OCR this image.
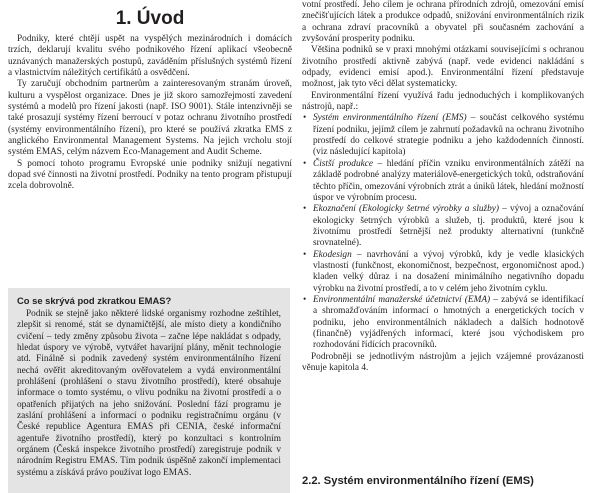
1. Úvod

Podniky, které chtějí uspět na vyspělých mezinárodních i domácích trzích, deklarují kvalitu svého podnikového řízení aplikací všeobecně uznávaných manažerských postupů, zaváděním příslušných systémů řízení a vlastnictvím náležitých certifikátů a osvědčení.

Ty zaručují obchodním partnerům a zainteresovaným stranám úroveň, kulturu a vyspělost organizace. Dnes je již skoro samozřejmostí zavedení systémů a modelů pro řízení jakosti (např. ISO 9001). Stále intenzivněji se také prosazují systémy řízení berroucí v potaz ochranu životního prostředí (systémy environmentálního řízení), pro které se používá zkratka EMS z anglického Environmental Management Systems. Na jejich vrcholu stojí systém EMAS, celým názvem Eco-Management and Audit Scheme.

S pomocí tohoto programu Evropské unie podniky snižují negativní dopad své činnosti na životní prostředí. Podniky na tento program přistupují zcela dobrovolně.

Co se skrývá pod zkratkou EMAS?

Podnik se stejně jako některé lidské organismy rozhodne zeštíhlet, zlepšit si renomé, stát se dynamičtější, ale místo diety a kondičního cvičení – tedy změny způsobu života – začne lépe nakládat s odpady, hledat úspory ve výrobě, vytvářet havarijní plány, měnit technologie atd. Finálně si podnik zavedený systém environmentálního řízení nechá ověřit akreditovaným ověřovatelem a vydá environmentální prohlášení (prohlášení o stavu životního prostředí), které obsahuje informace o tomto systému, o vlivu podniku na životní prostředí a o opatřeních přijatých na jeho snižování. Poslední fází programu je zaslání prohlášení a informací o podniku registračnímu orgánu (v České republice Agentura EMAS při CENIA, české informační agentuře životního prostředí), který po konzultaci s kontrolním orgánem (Česká inspekce životního prostředí) zaregistruje podnik v národním Registru EMAS. Tím podnik úspěšně zakončí implementaci systému a získává právo používat logo EMAS.

votní prostředí. Jeho cílem je ochrana přírodních zdrojů, omezování emisí znečišťujících látek a produkce odpadů, snižování environmentálních rizik a ochrana zdraví pracovníků a obyvatel při současném zachování a zvyšování prosperity podniku.

Většina podniků se v praxi mnohými otázkami souvisejícími s ochranou životního prostředí aktivně zabývá (např. vede evidenci nakládání s odpady, evidenci emisí apod.). Environmentální řízení představuje možnost, jak tyto věci dělat systematicky.

Environmentální řízení využívá řadu jednoduchých i komplikovaných nástrojů, např.:

• Systém environmentálního řízení (EMS) – součást celkového systému řízení podniku, jejímž cílem je zahrnutí požadavků na ochranu životního prostředí do celkové strategie podniku a jeho každodenních činností. (viz následující kapitola)
• Čistší produkce – hledání příčin vzniku environmentálních zátěží na základě podrobné analýzy materiálově-energetických toků, odstraňování těchto příčin, omezování výrobních ztrát a úniků látek, hledání možností úspor ve výrobním procesu.
• Ekoznačení (Ekologicky šetrné výrobky a služby) – vývoj a označování ekologicky šetrných výrobků a služeb, tj. produktů, které jsou k životnímu prostředí šetrnější než produkty alternativní (tunkčně srovnatelné).
• Ekodesign – navrhování a vývoj výrobků, kdy je vedle klasických vlastností (funkčnost, ekonomičnost, bezpečnost, ergonomičnost apod.) kladen velký důraz i na dosažení minimálního negativního dopadu výrobku na životní prostředí, a to v celém jeho životním cyklu.
• Environmentální manažerské účetnictví (EMA) – zabývá se identifikací a shromažďováním informací o hmotných a energetických tocích v podniku, jeho environmentálních nákladech a dalších hodnotově (finančně) vyjádřených informací, které jsou východiskem pro rozhodování řídících pracovníků.

Podrobněji se jednotlivým nástrojům a jejich vzájemné provázanosti věnuje kapitola 4.

2.2. Systém environmentálního řízení (EMS)
